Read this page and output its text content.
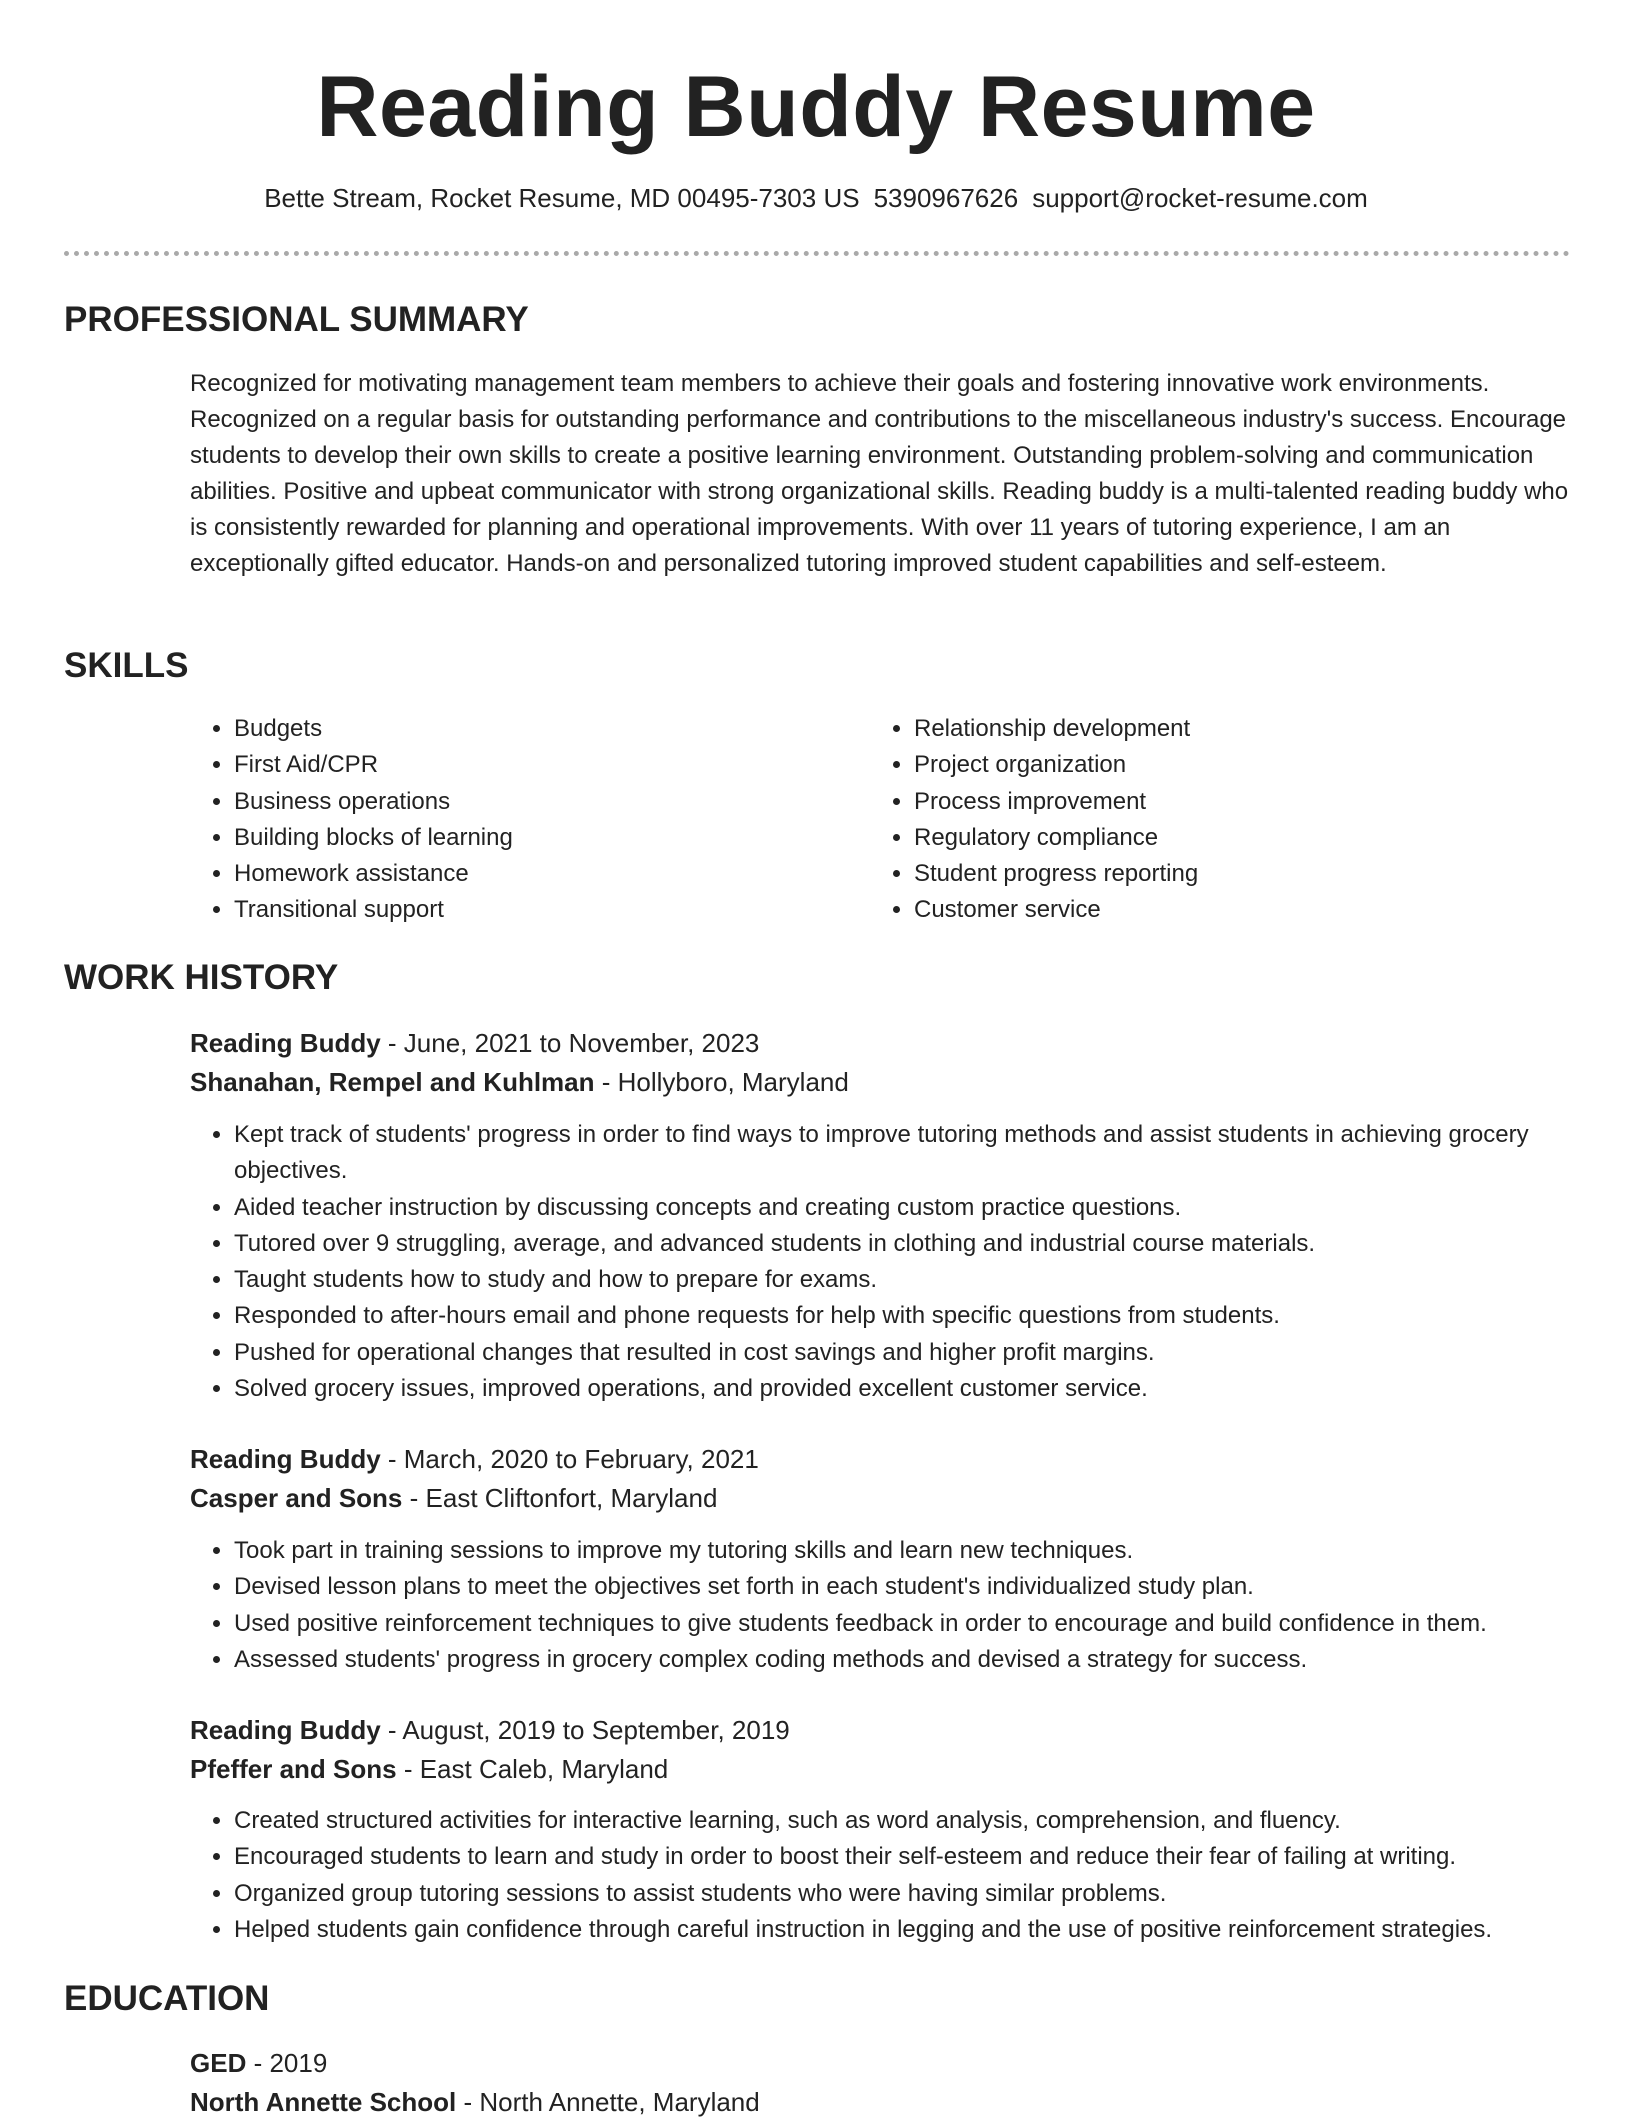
Reading Buddy Resume
Bette Stream, Rocket Resume, MD 00495-7303 US 5390967626 support@rocket-resume.com
PROFESSIONAL SUMMARY

Recognized for motivating management team members to achieve their goals and fostering innovative work environments. Recognized on a regular basis for outstanding performance and contributions to the miscellaneous industry's success. Encourage students to develop their own skills to create a positive learning environment. Outstanding problem-solving and communication abilities. Positive and upbeat communicator with strong organizational skills. Reading buddy is a multi-talented reading buddy who is consistently rewarded for planning and operational improvements. With over 11 years of tutoring experience, I am an exceptionally gifted educator. Hands-on and personalized tutoring improved student capabilities and self-esteem.

SKILLS
• Budgets
• First Aid/CPR
• Business operations
• Building blocks of learning
• Homework assistance
• Transitional support
• Relationship development
• Project organization
• Process improvement
• Regulatory compliance
• Student progress reporting
• Customer service
WORK HISTORY

Reading Buddy - June, 2021 to November, 2023

Shanahan, Rempel and Kuhlman - Hollyboro, Maryland

• Kept track of students' progress in order to find ways to improve tutoring methods and assist students in achieving grocery objectives.
• Aided teacher instruction by discussing concepts and creating custom practice questions.
• Tutored over 9 struggling, average, and advanced students in clothing and industrial course materials.
• Taught students how to study and how to prepare for exams.
• Responded to after-hours email and phone requests for help with specific questions from students.
• Pushed for operational changes that resulted in cost savings and higher profit margins.
• Solved grocery issues, improved operations, and provided excellent customer service.

Reading Buddy - March, 2020 to February, 2021

Casper and Sons - East Cliftonfort, Maryland

• Took part in training sessions to improve my tutoring skills and learn new techniques.
• Devised lesson plans to meet the objectives set forth in each student's individualized study plan.
• Used positive reinforcement techniques to give students feedback in order to encourage and build confidence in them.
• Assessed students' progress in grocery complex coding methods and devised a strategy for success.

Reading Buddy - August, 2019 to September, 2019

Pfeffer and Sons - East Caleb, Maryland

• Created structured activities for interactive learning, such as word analysis, comprehension, and fluency.
• Encouraged students to learn and study in order to boost their self-esteem and reduce their fear of failing at writing.
• Organized group tutoring sessions to assist students who were having similar problems.
• Helped students gain confidence through careful instruction in legging and the use of positive reinforcement strategies.
EDUCATION

GED - 2019

North Annette School - North Annette, Maryland
